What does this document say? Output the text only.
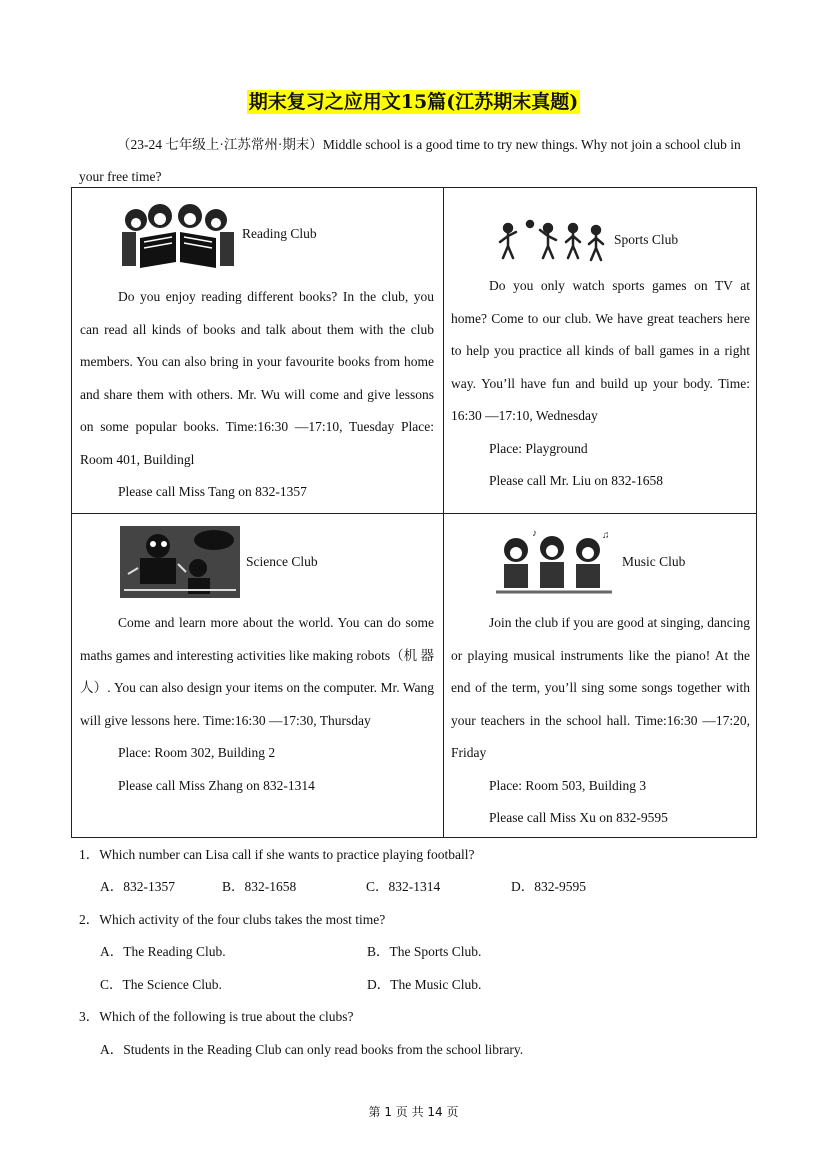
期末复习之应用文15篇(江苏期末真题)
（23-24 七年级上·江苏常州·期末）Middle school is a good time to try new things. Why not join a school club in your free time?
Reading Club

Do you enjoy reading different books? In the club, you can read all kinds of books and talk about them with the club members. You can also bring in your favourite books from home and share them with others. Mr. Wu will come and give lessons on some popular books. Time:16:30 —17:10, Tuesday Place: Room 401, Buildingl

Please call Miss Tang on 832-1357

Sports Club

Do you only watch sports games on TV at home? Come to our club. We have great teachers here to help you practice all kinds of ball games in a right way. You’ll have fun and build up your body. Time: 16:30 —17:10, Wednesday

Place: Playground

Please call Mr. Liu on 832-1658

Science Club

Come and learn more about the world. You can do some maths games and interesting activities like making robots（机 器人）. You can also design your items on the computer. Mr. Wang will give lessons here. Time:16:30 —17:30, Thursday

Place: Room 302, Building 2

Please call Miss Zhang on 832-1314

♪	♫
Music Club

Join the club if you are good at singing, dancing or playing musical instruments like the piano! At the end of the term, you’ll sing some songs together with your teachers in the school hall. Time:16:30 —17:20, Friday

Place: Room 503, Building 3

Please call Miss Xu on 832-9595

1．Which number can Lisa call if she wants to practice playing football?
A．832-1357	B．832-1658	C．832-1314	D．832-9595
2．Which activity of the four clubs takes the most time?
A．The Reading Club.	B．The Sports Club.
C．The Science Club.	D．The Music Club.
3．Which of the following is true about the clubs?
A．Students in the Reading Club can only read books from the school library.
第 1 页 共 14 页
